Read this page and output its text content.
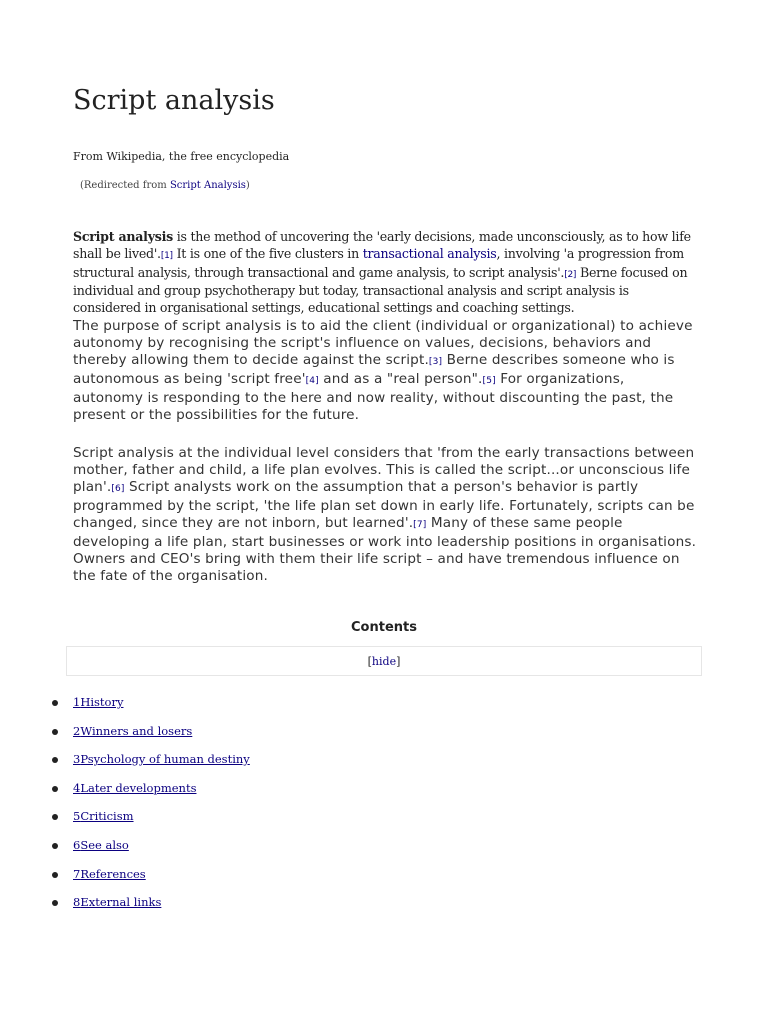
Script analysis
From Wikipedia, the free encyclopedia
(Redirected from Script Analysis)

Script analysis is the method of uncovering the 'early decisions, made unconsciously, as to how life shall be lived'.[1] It is one of the five clusters in transactional analysis, involving 'a progression from structural analysis, through transactional and game analysis, to script analysis'.[2] Berne focused on individual and group psychotherapy but today, transactional analysis and script analysis is considered in organisational settings, educational settings and coaching settings.

The purpose of script analysis is to aid the client (individual or organizational) to achieve autonomy by recognising the script's influence on values, decisions, behaviors and thereby allowing them to decide against the script.[3] Berne describes someone who is autonomous as being 'script free'[4] and as a "real person".[5] For organizations, autonomy is responding to the here and now reality, without discounting the past, the present or the possibilities for the future.

Script analysis at the individual level considers that 'from the early transactions between mother, father and child, a life plan evolves. This is called the script...or unconscious life plan'.[6] Script analysts work on the assumption that a person's behavior is partly programmed by the script, 'the life plan set down in early life. Fortunately, scripts can be changed, since they are not inborn, but learned'.[7] Many of these same people developing a life plan, start businesses or work into leadership positions in organisations. Owners and CEO's bring with them their life script – and have tremendous influence on the fate of the organisation.

Contents
[hide]
1History
2Winners and losers
3Psychology of human destiny
4Later developments
5Criticism
6See also
7References
8External links
